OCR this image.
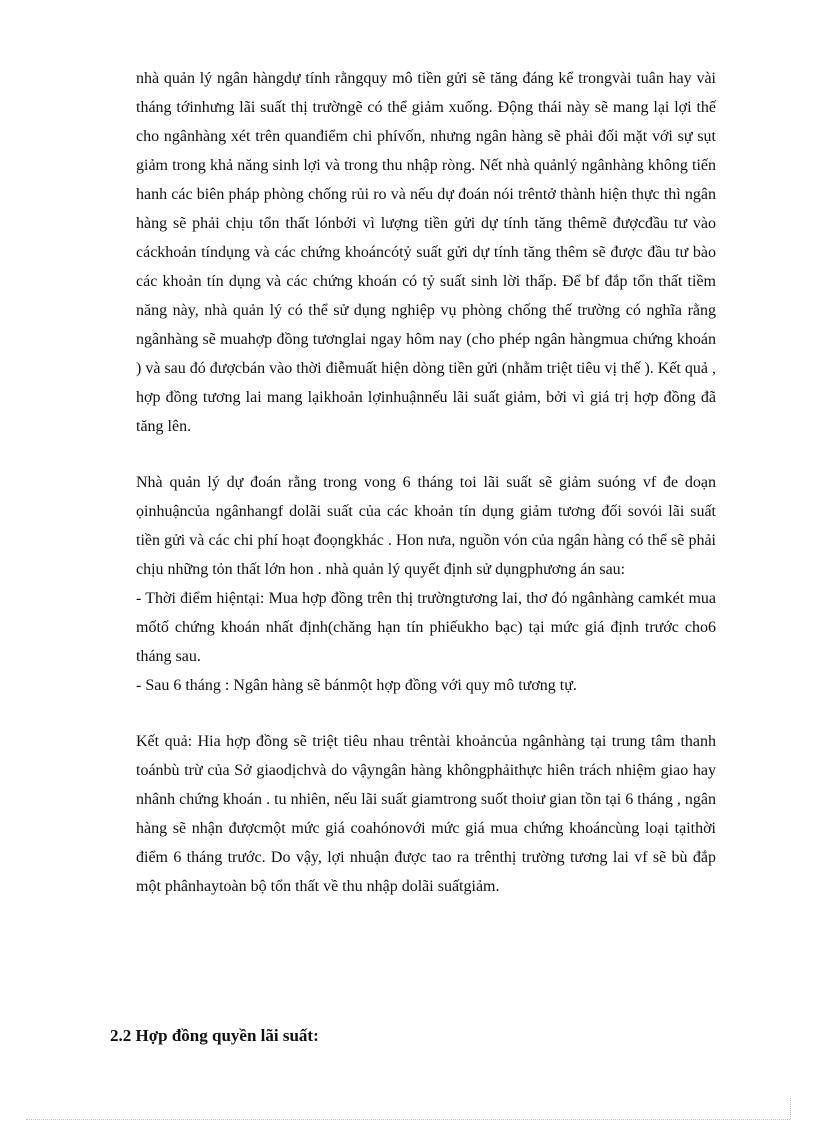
nhà quản lý ngân hàngdự tính rằngquy mô tiền gửi sẽ tăng đáng kể trongvài tuân hay vài tháng tớinhưng lãi suất thị trườngẽ có thể giảm xuống. Động thái này sẽ mang lại lợi thế cho ngânhàng xét trên quanđiểm chi phívốn, nhưng ngân hàng sẽ phải đối mặt với sự sụt giảm trong khả năng sinh lợi và trong thu nhập ròng. Nết nhà quảnlý ngânhàng không tiến hanh các biên pháp phòng chống rủi ro và nếu dự đoán nói trêntở thành hiện thực thì ngân hàng sẽ phải chịu tổn thất lónbởi vì lượng tiền gửi dự tính tăng thêmẽ đượcđầu tư vào cáckhoản tíndụng và các chứng khoáncótỷ suất gửi dự tính tăng thêm sẽ được đầu tư bào các khoản tín dụng và các chứng khoán có tỷ suất sinh lời thấp. Để bf đắp tổn thất tiềm năng này, nhà quản lý có thể sử dụng nghiệp vụ phòng chống thế trường có nghĩa rằng ngânhàng sẽ muahợp đồng tươnglai ngay hôm nay (cho phép ngân hàngmua chứng khoán ) và sau đó đượcbán vào thời điễmuất hiện dòng tiền gửi (nhằm triệt tiêu vị thế ). Kết quả , hợp đồng tương lai mang lạikhoản lợinhuậnnếu lãi suất giảm, bởi vì giá trị hợp đồng đã tăng lên.

Nhà quản lý dự đoán rằng trong vong 6 tháng toi lãi suất sẽ giảm suóng vf đe doạn ọinhuậncủa ngânhangf dolãi suất của các khoản tín dụng giảm tương đối sovói lãi suất tiền gửi và các chi phí hoạt đoọngkhác . Hon nưa, nguồn vón của ngân hàng có thể sẽ phải chịu những tỏn thất lớn hon . nhà quản lý quyết định sử dụngphương án sau:

- Thời điểm hiệntại: Mua hợp đồng trên thị trườngtương lai, thơ đó ngânhàng camkét mua mốtố chứng khoán nhất định(chăng hạn tín phiếukho bạc) tại mức giá định trước cho6 tháng sau.

- Sau 6 tháng : Ngân hàng sẽ bánmột hợp đồng với quy mô tương tự.

Kết quả: Hia hợp đồng sẽ triệt tiêu nhau trêntài khoảncủa ngânhàng tại trung tâm thanh toánbù trừ của Sở giaodịchvà do vậyngân hàng khôngphảithực hiên trách nhiệm giao hay nhânh chứng khoán . tu nhiên, nếu lãi suất giamtrong suốt thoiư gian tồn tại 6 tháng , ngân hàng sẽ nhận đượcmột mức giá coahónovới mức giá mua chứng khoáncùng loại tạithời điểm 6 tháng trước. Do vậy, lợi nhuận được tao ra trênthị trường tương lai vf sẽ bù đắp một phânhaytoàn bộ tổn thất về thu nhập dolãi suấtgiảm.

2.2 Hợp đồng quyền lãi suất:
